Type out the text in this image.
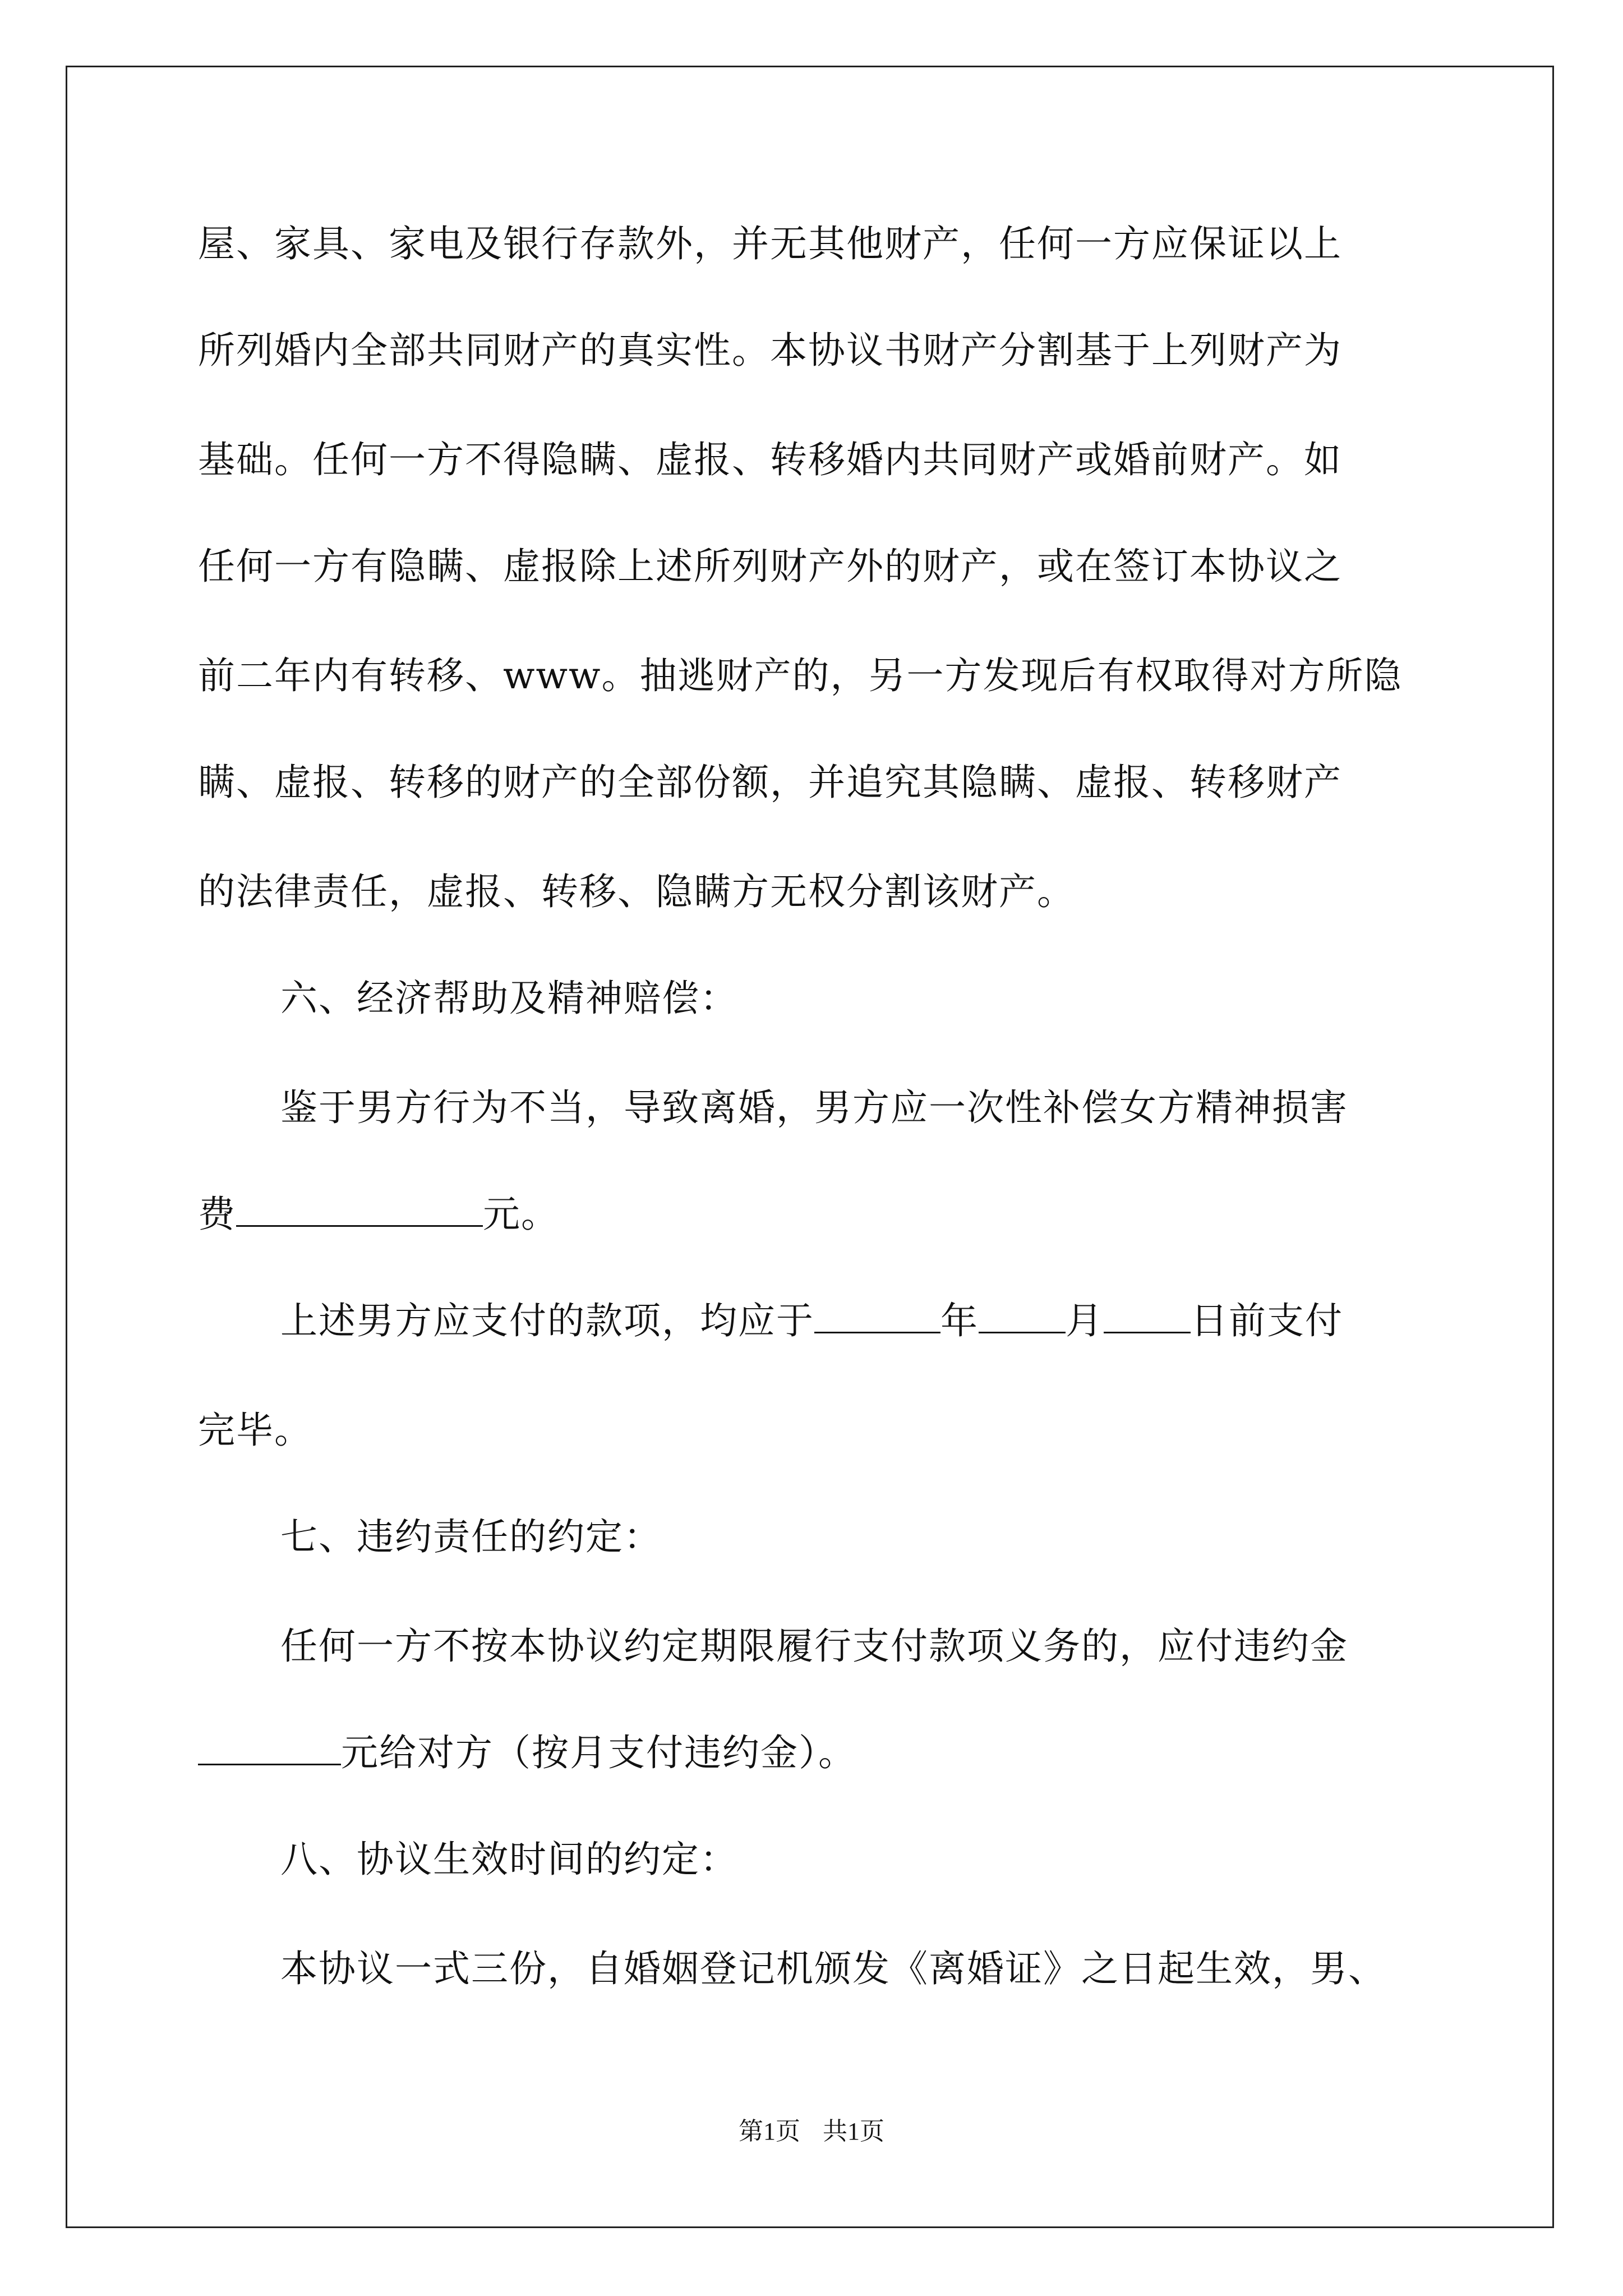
屋、家具、家电及银行存款外，并无其他财产，任何一方应保证以上
所列婚内全部共同财产的真实性。本协议书财产分割基于上列财产为
基础。任何一方不得隐瞒、虚报、转移婚内共同财产或婚前财产。如
任何一方有隐瞒、虚报除上述所列财产外的财产，或在签订本协议之
前二年内有转移、www。抽逃财产的，另一方发现后有权取得对方所隐
瞒、虚报、转移的财产的全部份额，并追究其隐瞒、虚报、转移财产
的法律责任，虚报、转移、隐瞒方无权分割该财产。
六、经济帮助及精神赔偿：
鉴于男方行为不当，导致离婚，男方应一次性补偿女方精神损害
费	元。
上述男方应支付的款项，均应于	年 月 日前支付
完毕。
七、违约责任的约定：
任何一方不按本协议约定期限履行支付款项义务的，应付违约金
元给对方（按月支付违约金）。
八、协议生效时间的约定：
本协议一式三份，自婚姻登记机颁发《离婚证》之日起生效，男、
第1页 共1页
